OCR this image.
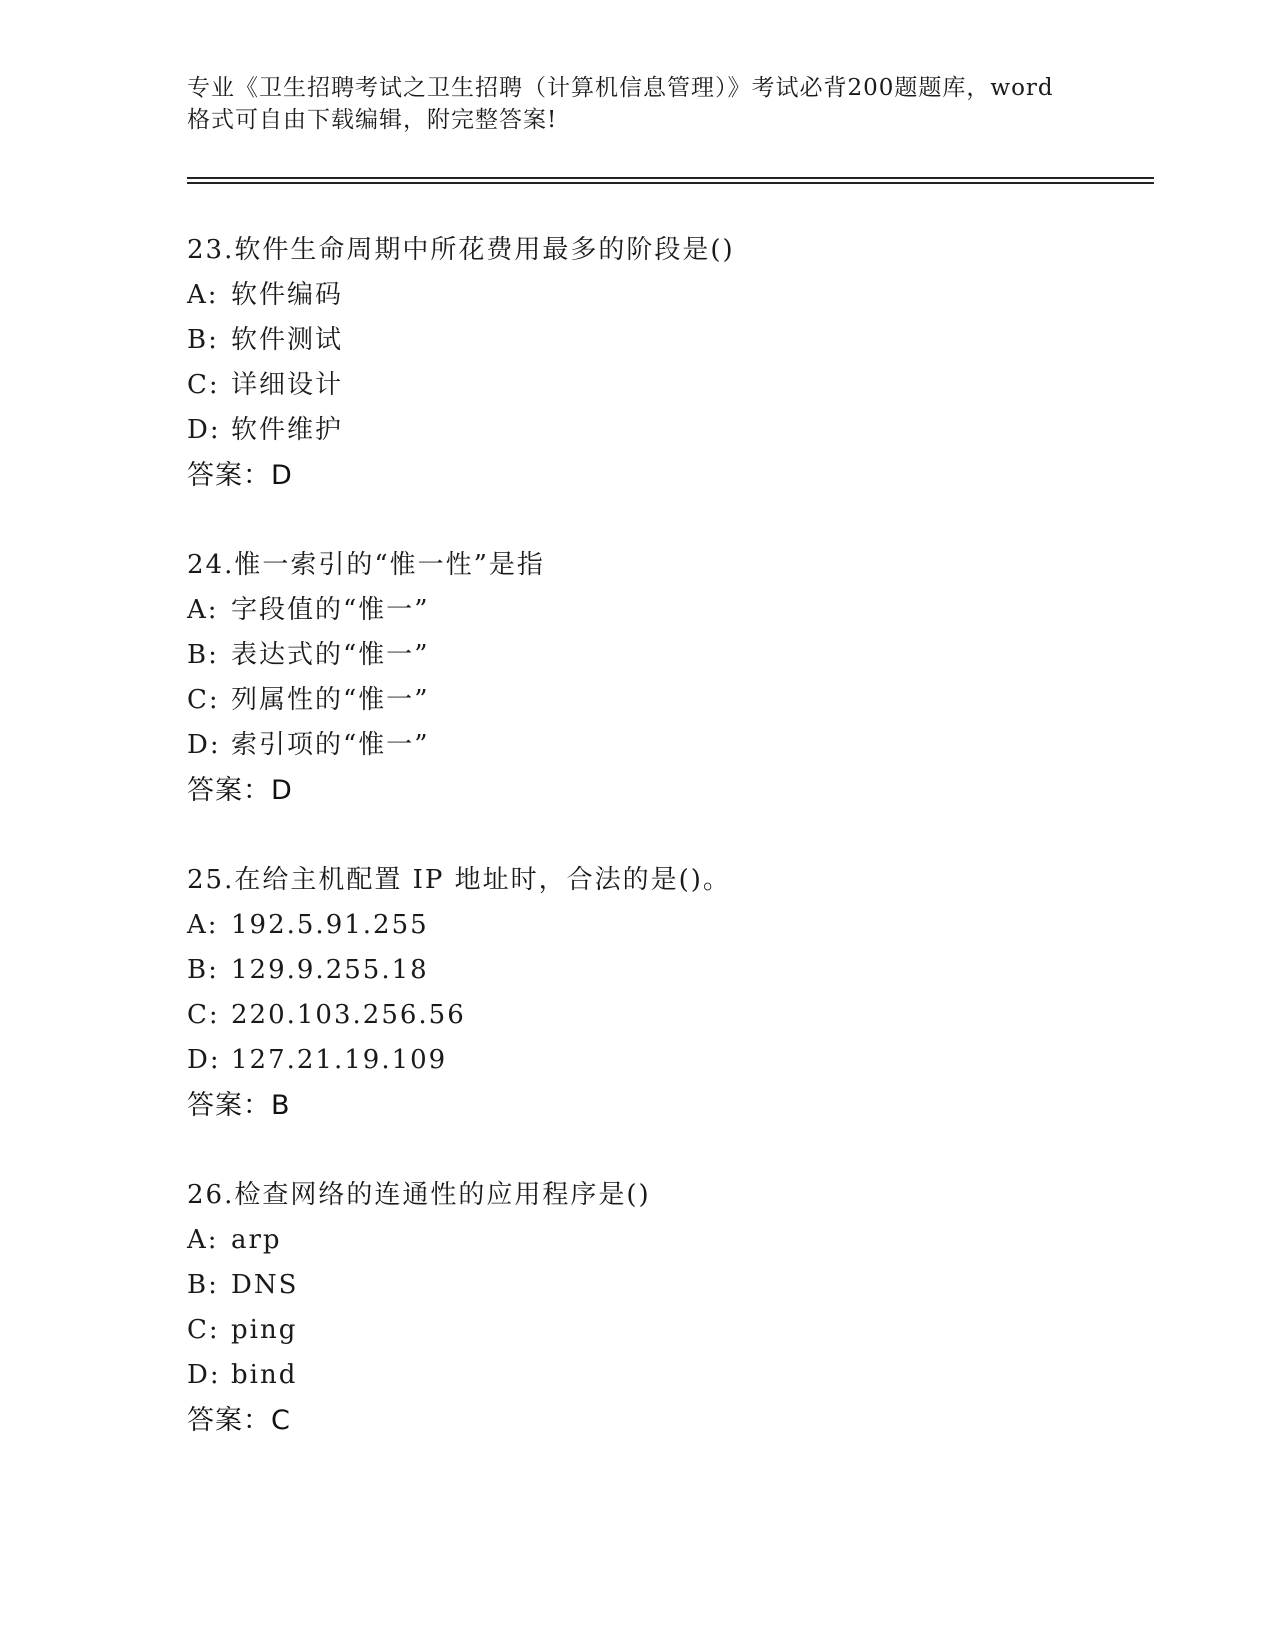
专业《卫生招聘考试之卫生招聘（计算机信息管理）》考试必背200题题库，word
格式可自由下载编辑，附完整答案!
23.软件生命周期中所花费用最多的阶段是()
A: 软件编码
B: 软件测试
C: 详细设计
D: 软件维护
答案：D
24.惟一索引的“惟一性”是指
A: 字段值的“惟一”
B: 表达式的“惟一”
C: 列属性的“惟一”
D: 索引项的“惟一”
答案：D
25.在给主机配置 IP 地址时，合法的是()。
A: 192.5.91.255
B: 129.9.255.18
C: 220.103.256.56
D: 127.21.19.109
答案：B
26.检查网络的连通性的应用程序是()
A: arp
B: DNS
C: ping
D: bind
答案：C
